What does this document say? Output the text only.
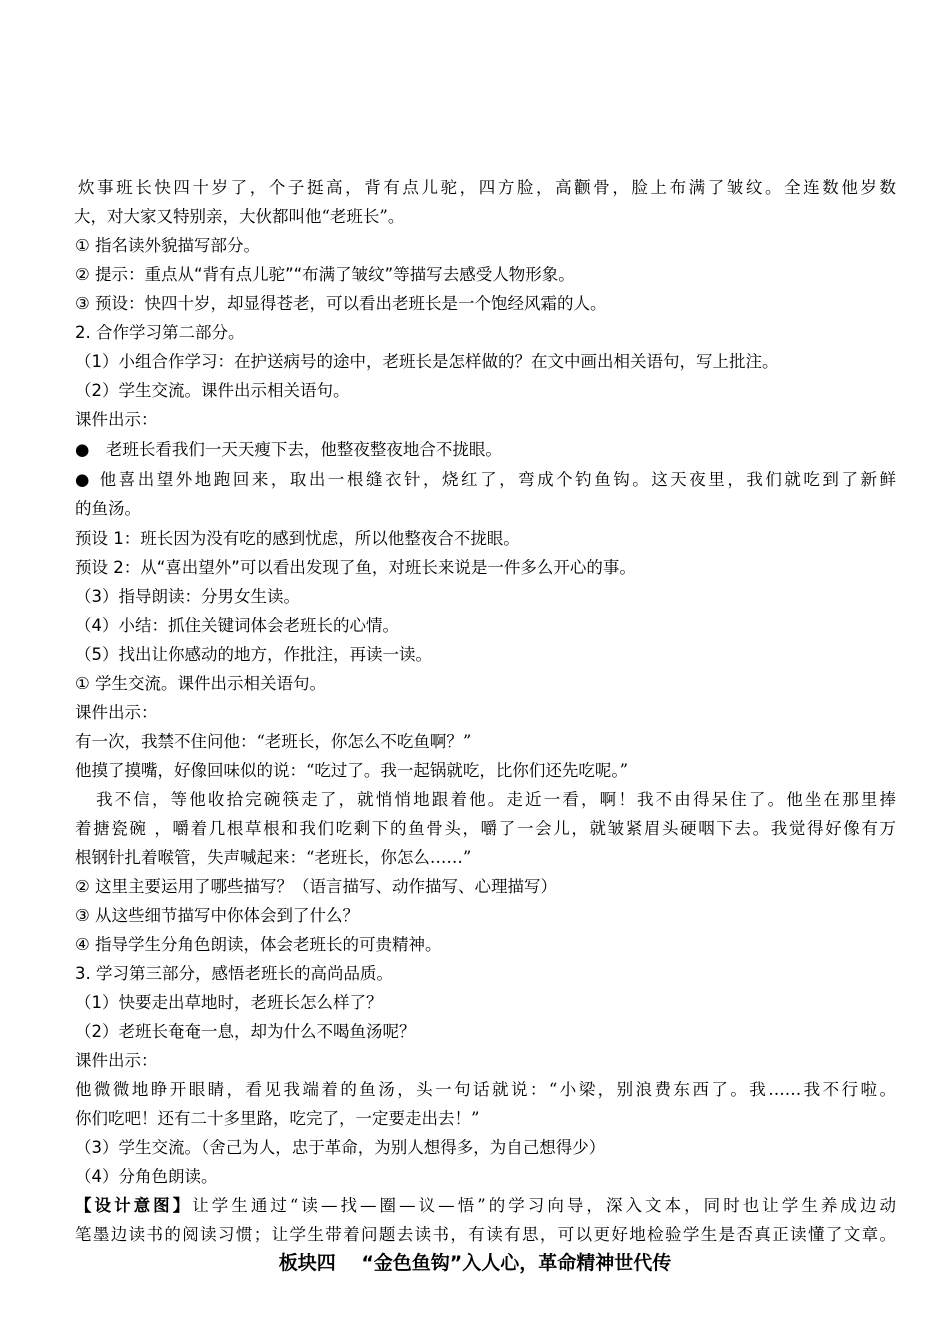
炊事班长快四十岁了，个子挺高，背有点儿驼，四方脸，高颧骨，脸上布满了皱纹。全连数他岁数
大，对大家又特别亲，大伙都叫他“老班长”。
① 指名读外貌描写部分。
② 提示：重点从“背有点儿驼”“布满了皱纹”等描写去感受人物形象。
③ 预设：快四十岁，却显得苍老，可以看出老班长是一个饱经风霜的人。
2. 合作学习第二部分。
（1）小组合作学习：在护送病号的途中，老班长是怎样做的？在文中画出相关语句，写上批注。
（2）学生交流。课件出示相关语句。
课件出示：
●　老班长看我们一天天瘦下去，他整夜整夜地合不拢眼。
● 他喜出望外地跑回来，取出一根缝衣针，烧红了，弯成个钓鱼钩。这天夜里，我们就吃到了新鲜
的鱼汤。
预设 1：班长因为没有吃的感到忧虑，所以他整夜合不拢眼。
预设 2：从“喜出望外”可以看出发现了鱼，对班长来说是一件多么开心的事。
（3）指导朗读：分男女生读。
（4）小结：抓住关键词体会老班长的心情。
（5）找出让你感动的地方，作批注，再读一读。
① 学生交流。课件出示相关语句。
课件出示：
有一次，我禁不住问他：“老班长，你怎么不吃鱼啊？”
他摸了摸嘴，好像回味似的说：“吃过了。我一起锅就吃，比你们还先吃呢。”
我不信，等他收拾完碗筷走了，就悄悄地跟着他。走近一看，啊！我不由得呆住了。他坐在那里捧
着搪瓷碗 ，嚼着几根草根和我们吃剩下的鱼骨头，嚼了一会儿，就皱紧眉头硬咽下去。我觉得好像有万
根钢针扎着喉管，失声喊起来：“老班长，你怎么……”
② 这里主要运用了哪些描写？（语言描写、动作描写、心理描写）
③ 从这些细节描写中你体会到了什么？
④ 指导学生分角色朗读，体会老班长的可贵精神。
3. 学习第三部分，感悟老班长的高尚品质。
（1）快要走出草地时，老班长怎么样了？
（2）老班长奄奄一息，却为什么不喝鱼汤呢？
课件出示：
他微微地睁开眼睛，看见我端着的鱼汤，头一句话就说：“小梁，别浪费东西了。我……我不行啦。
你们吃吧！还有二十多里路，吃完了，一定要走出去！”
（3）学生交流。（舍己为人，忠于革命，为别人想得多，为自己想得少）
（4）分角色朗读。
【设计意图】让学生通过“读—找—圈—议—悟”的学习向导，深入文本，同时也让学生养成边动
笔墨边读书的阅读习惯；让学生带着问题去读书，有读有思，可以更好地检验学生是否真正读懂了文章。
板块四　 “金色鱼钩”入人心，革命精神世代传
